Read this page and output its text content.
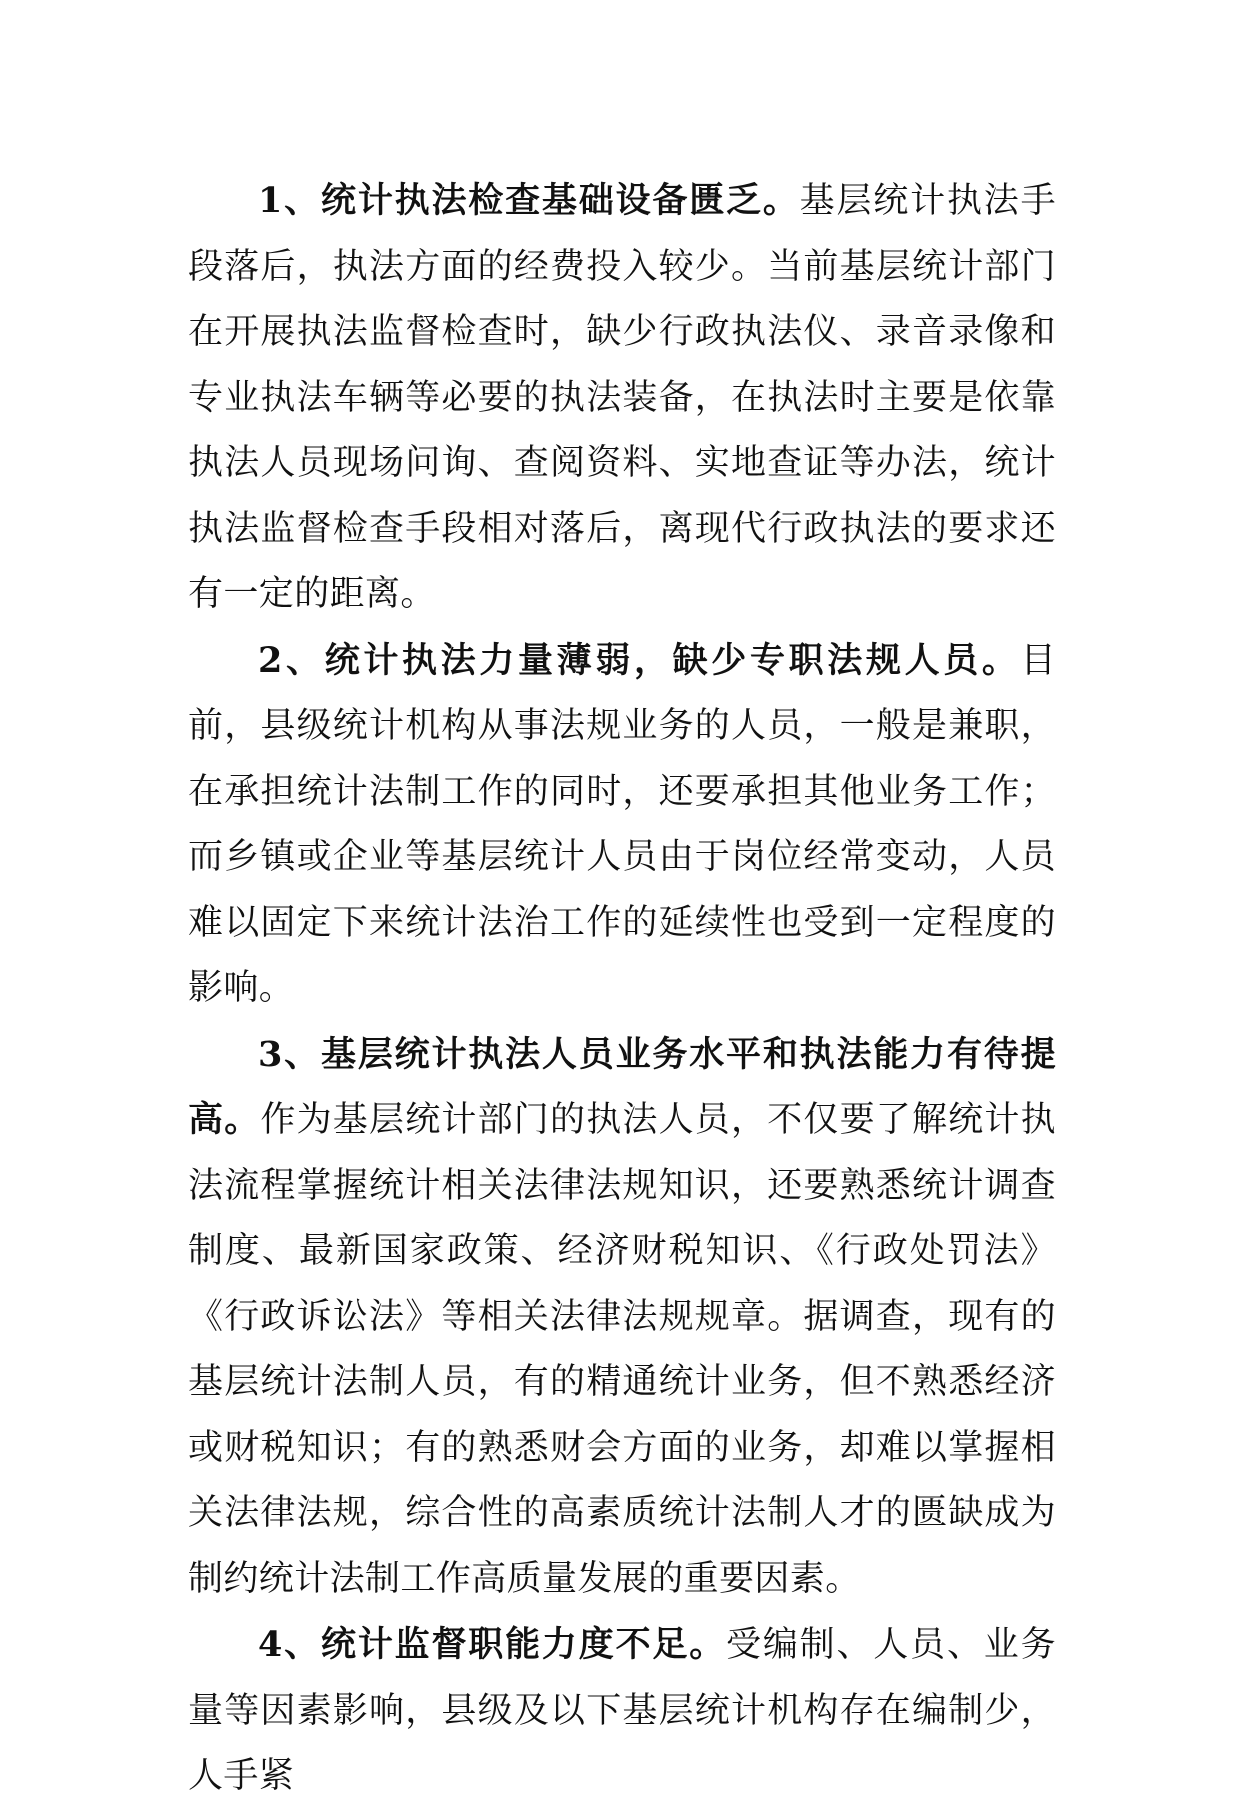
1、统计执法检查基础设备匮乏。基层统计执法手段落后，执法方面的经费投入较少。当前基层统计部门在开展执法监督检查时，缺少行政执法仪、录音录像和专业执法车辆等必要的执法装备，在执法时主要是依靠执法人员现场问询、查阅资料、实地查证等办法，统计执法监督检查手段相对落后，离现代行政执法的要求还有一定的距离。

2、统计执法力量薄弱，缺少专职法规人员。目前，县级统计机构从事法规业务的人员，一般是兼职，在承担统计法制工作的同时，还要承担其他业务工作；而乡镇或企业等基层统计人员由于岗位经常变动，人员难以固定下来统计法治工作的延续性也受到一定程度的影响。

3、基层统计执法人员业务水平和执法能力有待提高。作为基层统计部门的执法人员，不仅要了解统计执法流程掌握统计相关法律法规知识，还要熟悉统计调查制度、最新国家政策、经济财税知识、《行政处罚法》《行政诉讼法》等相关法律法规规章。据调查，现有的基层统计法制人员，有的精通统计业务，但不熟悉经济或财税知识；有的熟悉财会方面的业务，却难以掌握相关法律法规，综合性的高素质统计法制人才的匮缺成为制约统计法制工作高质量发展的重要因素。

4、统计监督职能力度不足。受编制、人员、业务量等因素影响，县级及以下基层统计机构存在编制少，人手紧
